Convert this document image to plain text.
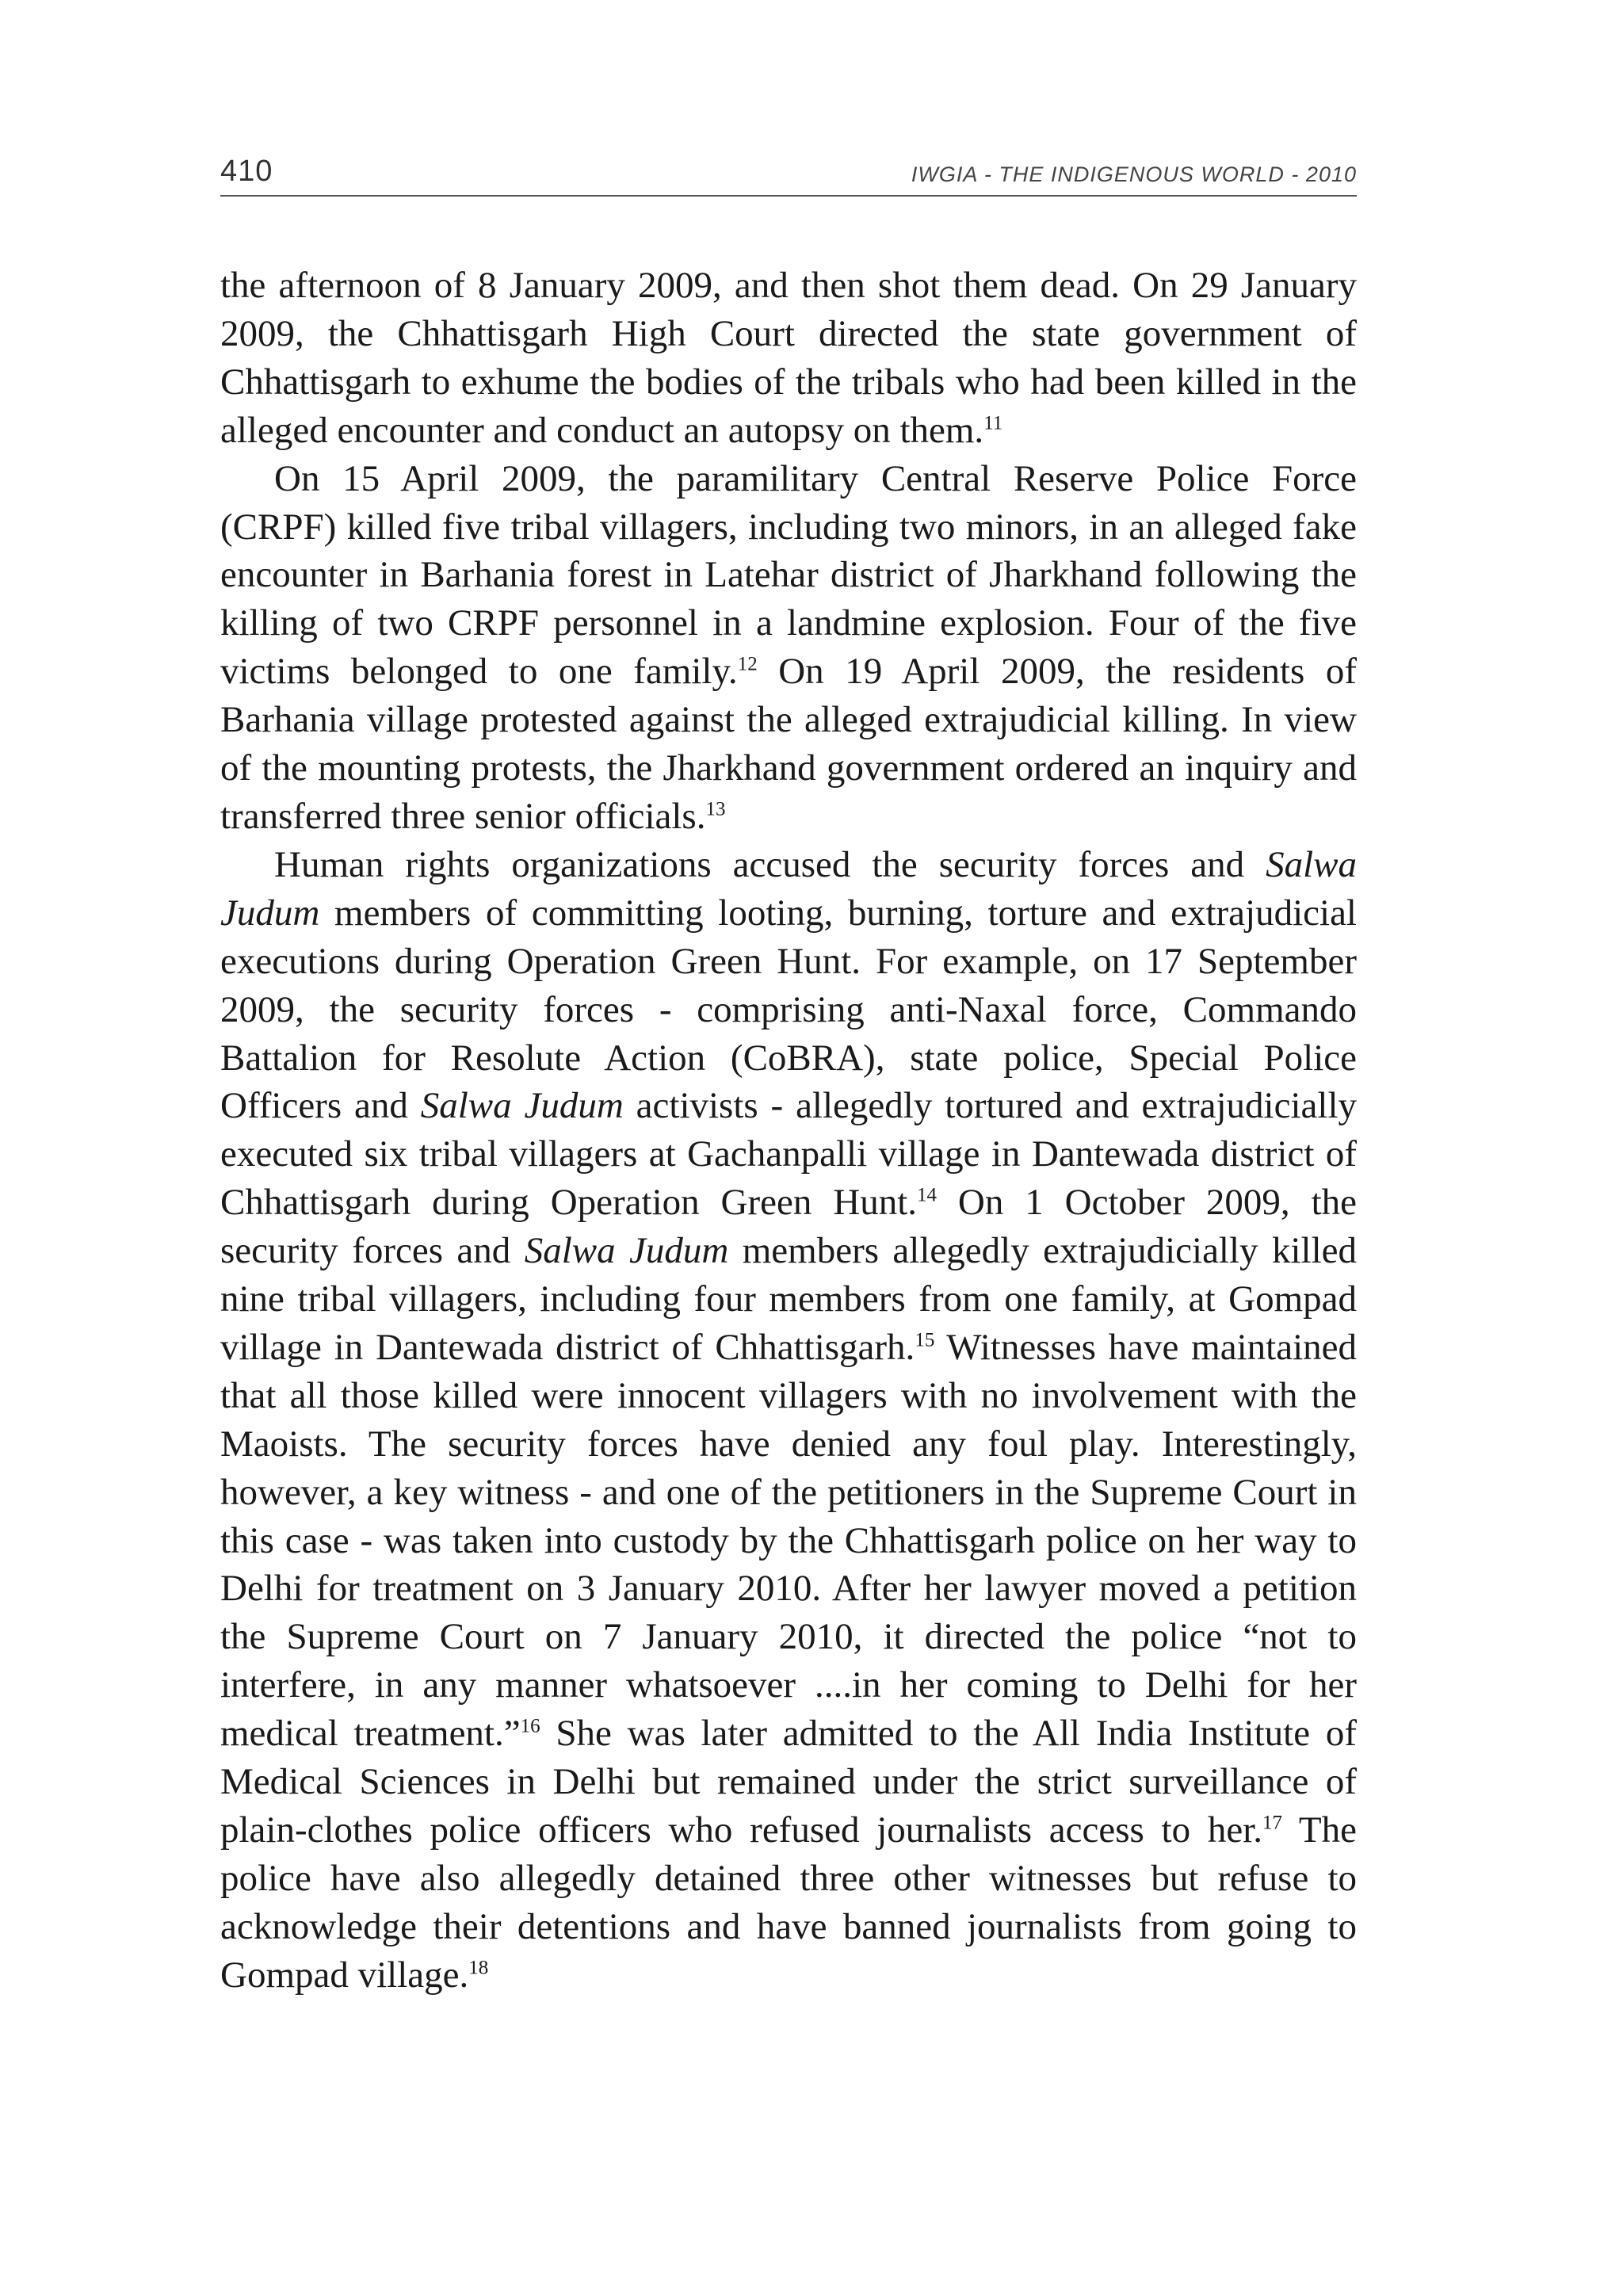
410	IWGIA - THE INDIGENOUS WORLD - 2010

the afternoon of 8 January 2009, and then shot them dead. On 29 January 2009, the Chhattisgarh High Court directed the state government of Chhattisgarh to exhume the bodies of the tribals who had been killed in the alleged encounter and conduct an autopsy on them.$^{11}$

On 15 April 2009, the paramilitary Central Reserve Police Force (CRPF) killed five tribal villagers, including two minors, in an alleged fake encounter in Barhania forest in Latehar district of Jharkhand following the killing of two CRPF personnel in a landmine explosion. Four of the five victims belonged to one family.$^{12}$ On 19 April 2009, the residents of Barhania village protested against the alleged extrajudicial killing. In view of the mounting protests, the Jharkhand government ordered an inquiry and transferred three senior officials.$^{13}$

Human rights organizations accused the security forces and Salwa Judum members of committing looting, burning, torture and extrajudicial executions during Operation Green Hunt. For example, on 17 September 2009, the security forces - comprising anti-Naxal force, Commando Battalion for Resolute Action (CoBRA), state police, Special Police Officers and Salwa Judum activists - allegedly tortured and extrajudicially executed six tribal villagers at Gachanpalli village in Dantewada district of Chhattisgarh during Operation Green Hunt.$^{14}$ On 1 October 2009, the security forces and Salwa Judum members allegedly extrajudicially killed nine tribal villagers, including four members from one family, at Gompad village in Dantewada district of Chhattisgarh.$^{15}$ Witnesses have maintained that all those killed were innocent villagers with no involvement with the Maoists. The security forces have denied any foul play. Interestingly, however, a key witness - and one of the petitioners in the Supreme Court in this case - was taken into custody by the Chhattisgarh police on her way to Delhi for treatment on 3 January 2010. After her lawyer moved a petition the Supreme Court on 7 January 2010, it directed the police “not to interfere, in any manner whatsoever ....in her coming to Delhi for her medical treatment.”$^{16}$ She was later admitted to the All India Institute of Medical Sciences in Delhi but remained under the strict surveillance of plain-clothes police officers who refused journalists access to her.$^{17}$ The police have also allegedly detained three other witnesses but refuse to acknowledge their detentions and have banned journalists from going to Gompad village.$^{18}$
